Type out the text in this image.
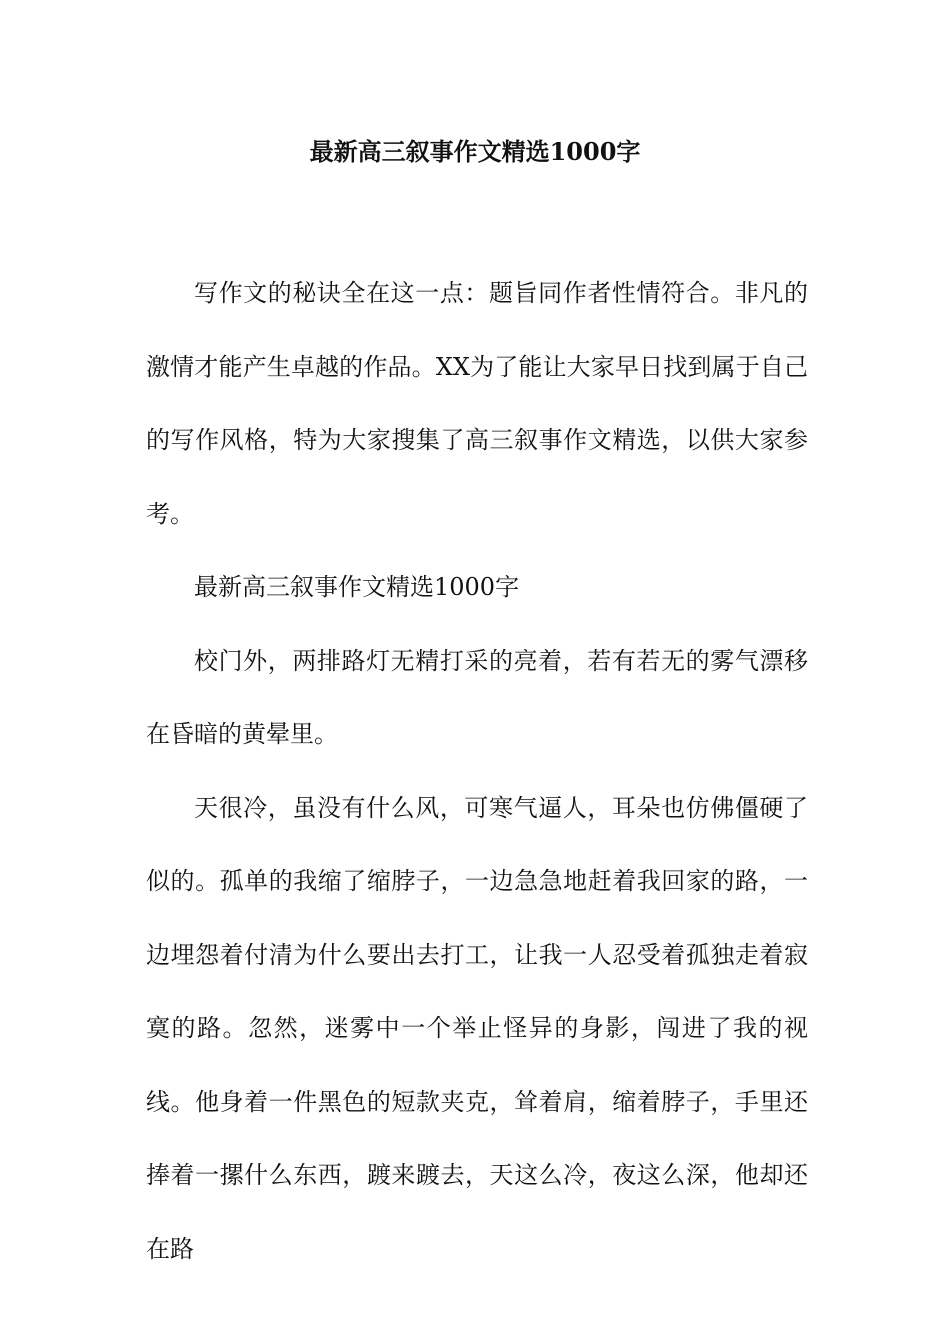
最新高三叙事作文精选1000字

写作文的秘诀全在这一点：题旨同作者性情符合。非凡的激情才能产生卓越的作品。XX为了能让大家早日找到属于自己的写作风格，特为大家搜集了高三叙事作文精选，以供大家参考。

最新高三叙事作文精选1000字

校门外，两排路灯无精打采的亮着，若有若无的雾气漂移在昏暗的黄晕里。

天很冷，虽没有什么风，可寒气逼人，耳朵也仿佛僵硬了似的。孤单的我缩了缩脖子，一边急急地赶着我回家的路，一边埋怨着付清为什么要出去打工，让我一人忍受着孤独走着寂寞的路。忽然，迷雾中一个举止怪异的身影，闯进了我的视线。他身着一件黑色的短款夹克，耸着肩，缩着脖子，手里还捧着一摞什么东西，踱来踱去，天这么冷，夜这么深，他却还在路
